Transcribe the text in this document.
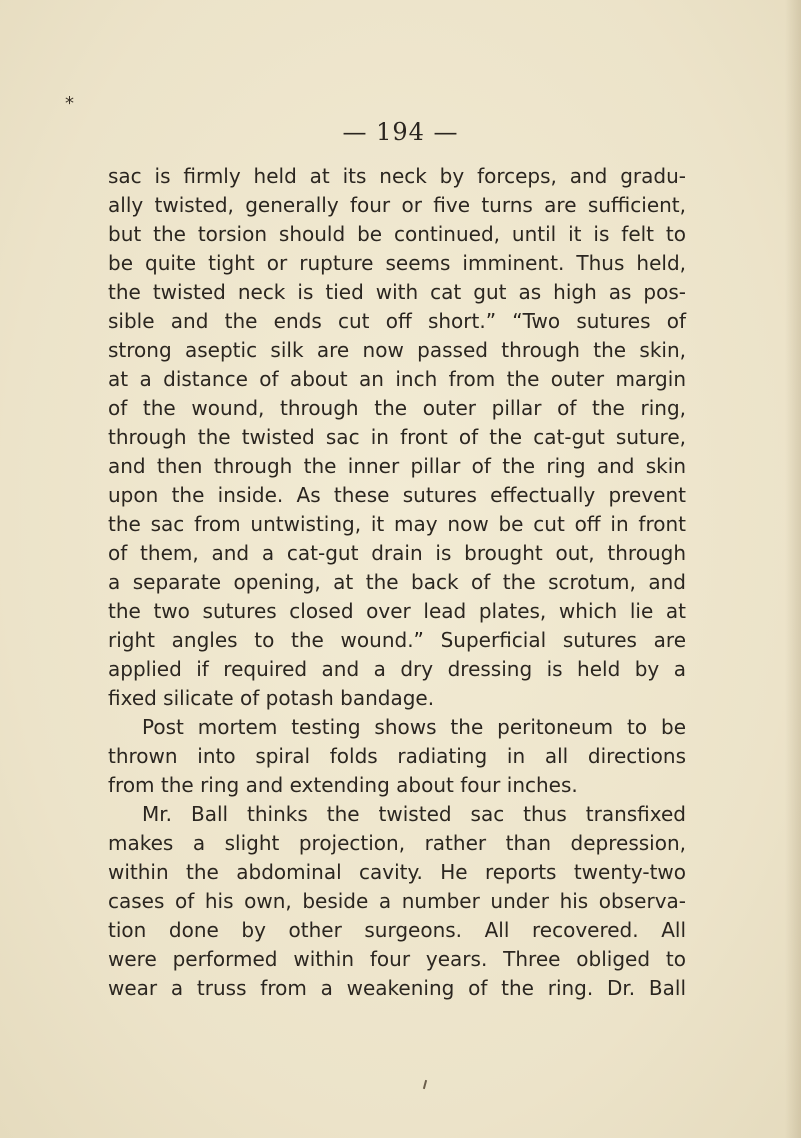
*
— 194 —
sac is firmly held at its neck by forceps, and gradu-
ally twisted, generally four or five turns are sufficient,
but the torsion should be continued, until it is felt to
be quite tight or rupture seems imminent. Thus held,
the twisted neck is tied with cat gut as high as pos-
sible and the ends cut off short.” “Two sutures of
strong aseptic silk are now passed through the skin,
at a distance of about an inch from the outer margin
of the wound, through the outer pillar of the ring,
through the twisted sac in front of the cat-gut suture,
and then through the inner pillar of the ring and skin
upon the inside. As these sutures effectually prevent
the sac from untwisting, it may now be cut off in front
of them, and a cat-gut drain is brought out, through
a separate opening, at the back of the scrotum, and
the two sutures closed over lead plates, which lie at
right angles to the wound.” Superficial sutures are
applied if required and a dry dressing is held by a
fixed silicate of potash bandage.
Post mortem testing shows the peritoneum to be
thrown into spiral folds radiating in all directions
from the ring and extending about four inches.
Mr. Ball thinks the twisted sac thus transfixed
makes a slight projection, rather than depression,
within the abdominal cavity. He reports twenty-two
cases of his own, beside a number under his observa-
tion done by other surgeons. All recovered. All
were performed within four years. Three obliged to
wear a truss from a weakening of the ring. Dr. Ball
